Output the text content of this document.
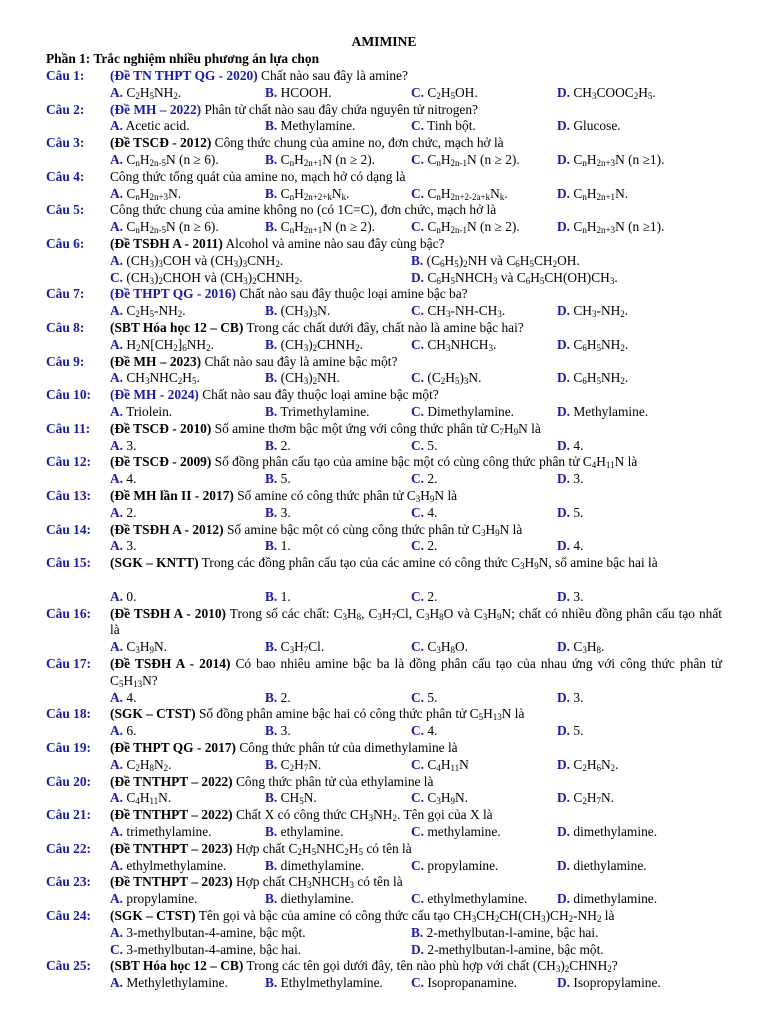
AMIMINE
Phần 1: Trắc nghiệm nhiều phương án lựa chọn
Câu 1: (Đề TN THPT QG - 2020) Chất nào sau đây là amine?
A. $C_2H_5NH_2$.	B. HCOOH.	C. $C_2H_5OH$.	D. $CH_3COOC_2H_5$.
Câu 2: (Đề MH – 2022) Phân tử chất nào sau đây chứa nguyên tử nitrogen?
A. Acetic acid.	B. Methylamine.	C. Tinh bột.	D. Glucose.
Câu 3: (Đề TSCĐ - 2012) Công thức chung của amine no, đơn chức, mạch hở là
A. $C_nH_{2n-5}N$ (n ≥ 6).	B. $C_nH_{2n+1}N$ (n ≥ 2).	C. $C_nH_{2n-1}N$ (n ≥ 2).	D. $C_nH_{2n+3}N$ (n ≥1).
Câu 4: Công thức tổng quát của amine no, mạch hở có dạng là
A. $C_nH_{2n+3}N$.	B. $C_nH_{2n+2+k}N_k$.	C. $C_nH_{2n+2-2a+k}N_k$.	D. $C_nH_{2n+1}N$.
Câu 5: Công thức chung của amine không no (có 1C=C), đơn chức, mạch hở là
A. $C_nH_{2n-5}N$ (n ≥ 6).	B. $C_nH_{2n+1}N$ (n ≥ 2).	C. $C_nH_{2n-1}N$ (n ≥ 2).	D. $C_nH_{2n+3}N$ (n ≥1).
Câu 6: (Đề TSĐH A - 2011) Alcohol và amine nào sau đây cùng bậc?
A. $(CH_3)_3COH$ và $(CH_3)_3CNH_2$.	B. $(C_6H_5)_2NH$ và $C_6H_5CH_2OH$.
C. $(CH_3)_2CHOH$ và $(CH_3)_2CHNH_2$.	D. $C_6H_5NHCH_3$ và $C_6H_5CH(OH)CH_3$.
Câu 7: (Đề THPT QG - 2016) Chất nào sau đây thuộc loại amine bậc ba?
A. $C_2H_5-NH_2$.	B. $(CH_3)_3N$.	C. $CH_3-NH-CH_3$.	D. $CH_3-NH_2$.
Câu 8: (SBT Hóa học 12 – CB) Trong các chất dưới đây, chất nào là amine bậc hai?
A. $H_2N[CH_2]_6NH_2$.	B. $(CH_3)_2CHNH_2$.	C. $CH_3NHCH_3$.	D. $C_6H_5NH_2$.
Câu 9: (Đề MH – 2023) Chất nào sau đây là amine bậc một?
A. $CH_3NHC_2H_5$.	B. $(CH_3)_2NH$.	C. $(C_2H_5)_3N$.	D. $C_6H_5NH_2$.
Câu 10: (Đề MH - 2024) Chất nào sau đây thuộc loại amine bậc một?
A. Triolein.	B. Trimethylamine.	C. Dimethylamine.	D. Methylamine.
Câu 11: (Đề TSCĐ - 2010) Số amine thơm bậc một ứng với công thức phân tử $C_7H_9N$ là
A. 3.	B. 2.	C. 5.	D. 4.
Câu 12: (Đề TSCĐ - 2009) Số đồng phân cấu tạo của amine bậc một có cùng công thức phân tử $C_4H_{11}N$ là
A. 4.	B. 5.	C. 2.	D. 3.
Câu 13: (Đề MH lần II - 2017) Số amine có công thức phân tử $C_3H_9N$ là
A. 2.	B. 3.	C. 4.	D. 5.
Câu 14: (Đề TSĐH A - 2012) Số amine bậc một có cùng công thức phân tử $C_3H_9N$ là
A. 3.	B. 1.	C. 2.	D. 4.
Câu 15: (SGK – KNTT) Trong các đồng phân cấu tạo của các amine có công thức $C_3H_9N$, số amine bậc hai là
A. 0.	B. 1.	C. 2.	D. 3.
Câu 16: (Đề TSĐH A - 2010) Trong số các chất: $C_3H_8$, $C_3H_7Cl$, $C_3H_8O$ và $C_3H_9N$; chất có nhiều đồng phân cấu tạo nhất là
A. $C_3H_9N$.	B. $C_3H_7Cl$.	C. $C_3H_8O$.	D. $C_3H_8$.
Câu 17: (Đề TSĐH A - 2014) Có bao nhiêu amine bậc ba là đồng phân cấu tạo của nhau ứng với công thức phân tử $C_5H_{13}N$?
A. 4.	B. 2.	C. 5.	D. 3.
Câu 18: (SGK – CTST) Số đồng phân amine bậc hai có công thức phân tử $C_5H_{13}N$ là
A. 6.	B. 3.	C. 4.	D. 5.
Câu 19: (Đề THPT QG - 2017) Công thức phân tử của dimethylamine là
A. $C_2H_8N_2$.	B. $C_2H_7N$.	C. $C_4H_{11}N$	D. $C_2H_6N_2$.
Câu 20: (Đề TNTHPT – 2022) Công thức phân tử của ethylamine là
A. $C_4H_{11}N$.	B. $CH_5N$.	C. $C_3H_9N$.	D. $C_2H_7N$.
Câu 21: (Đề TNTHPT – 2022) Chất X có công thức $CH_3NH_2$. Tên gọi của X là
A. trimethylamine.	B. ethylamine.	C. methylamine.	D. dimethylamine.
Câu 22: (Đề TNTHPT – 2023) Hợp chất $C_2H_5NHC_2H_5$ có tên là
A. ethylmethylamine.	B. dimethylamine.	C. propylamine.	D. diethylamine.
Câu 23: (Đề TNTHPT – 2023) Hợp chất $CH_3NHCH_3$ có tên là
A. propylamine.	B. diethylamine.	C. ethylmethylamine. D. dimethylamine.
Câu 24: (SGK – CTST) Tên gọi và bậc của amine có công thức cấu tạo $CH_3CH_2CH(CH_3)CH_2-NH_2$ là
A. 3-methylbutan-4-amine, bậc một.	B. 2-methylbutan-l-amine, bậc hai.
C. 3-methylbutan-4-amine, bậc hai.	D. 2-methylbutan-l-amine, bậc một.
Câu 25: (SBT Hóa học 12 – CB) Trong các tên gọi dưới đây, tên nào phù hợp với chất $(CH_3)_2CHNH_2$?
A. Methylethylamine.	B. Ethylmethylamine. C. Isopropanamine.	D. Isopropylamine.
